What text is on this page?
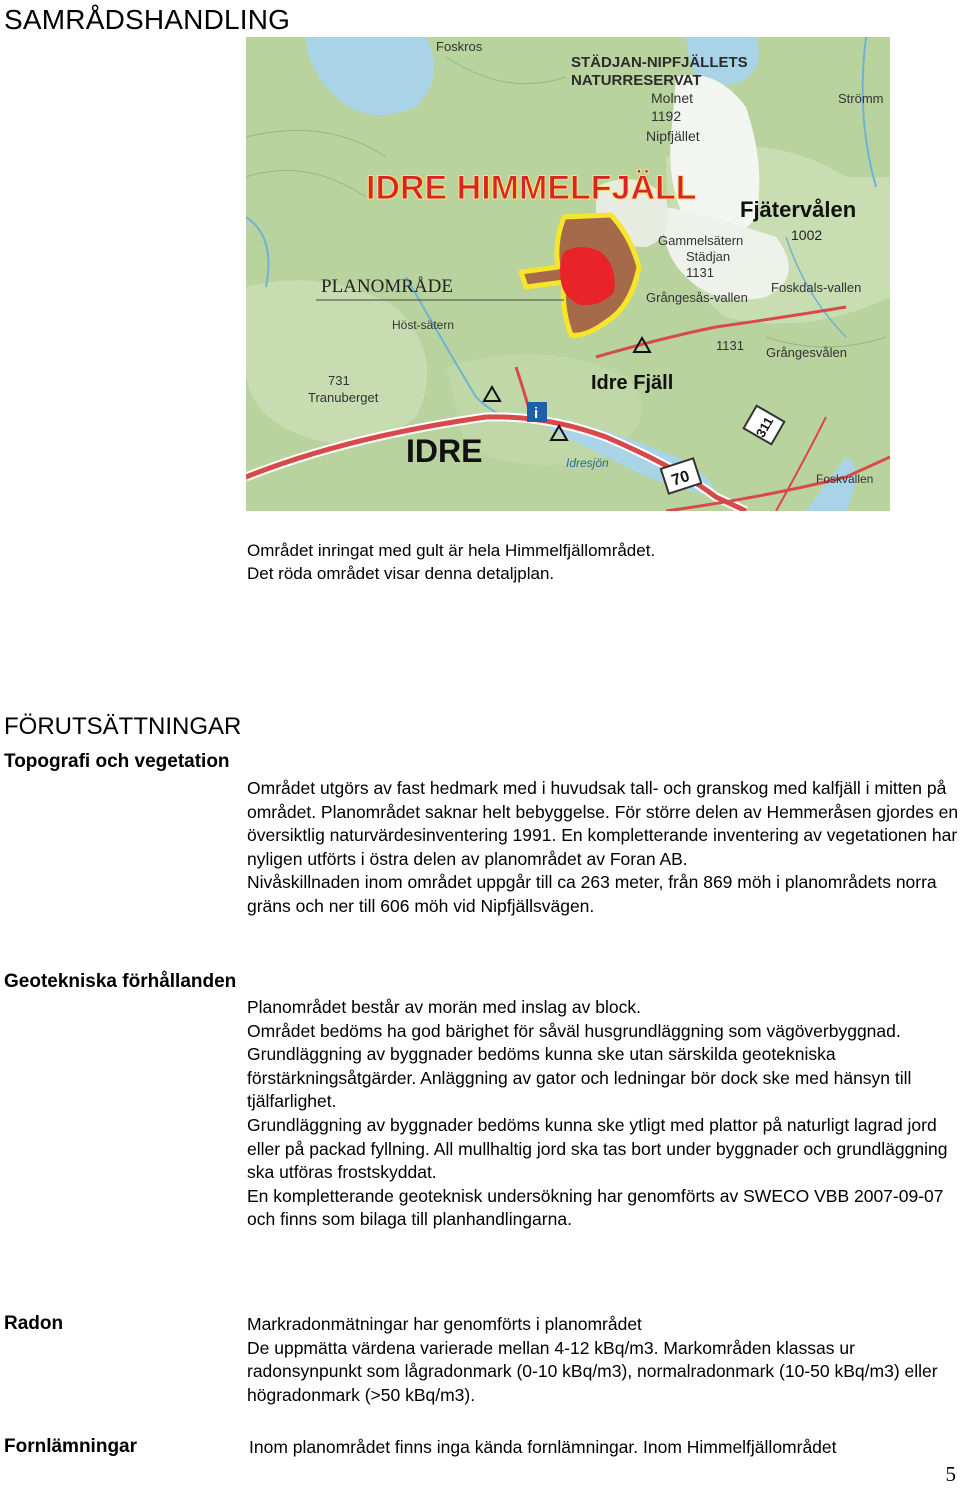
SAMRÅDSHANDLING
STÄDJAN-NIPFJÄLLETS
NATURRESERVAT
IDRE HIMMELFJÄLL
PLANOMRÅDE
Fjätervålen
1002
Idre Fjäll
IDRE
Molnet
1192
Nipfjället
Foskros
Strömm
Gammelsätern
Städjan
1131
Grångesås-vallen
Foskdals-vallen
Grångesvålen
1131
Tranuberget
731
Höst-sätern
Idresjön
Foskvallen
70
311
i
Området inringat med gult är hela Himmelfjällområdet.
Det röda området visar denna detaljplan.
FÖRUTSÄTTNINGAR
Topografi och vegetation

Området utgörs av fast hedmark med i huvudsak tall- och granskog med kalfjäll i mitten på området. Planområdet saknar helt bebyggelse. För större delen av Hemmeråsen gjordes en översiktlig naturvärdesinventering 1991. En kompletterande inventering av vegetationen har nyligen utförts i östra delen av planområdet av Foran AB.

Nivåskillnaden inom området uppgår till ca 263 meter, från 869 möh i planområdets norra gräns och ner till 606 möh vid Nipfjällsvägen.

Geotekniska förhållanden

Planområdet består av morän med inslag av block.

Området bedöms ha god bärighet för såväl husgrundläggning som vägöverbyggnad. Grundläggning av byggnader bedöms kunna ske utan särskilda geotekniska förstärkningsåtgärder. Anläggning av gator och ledningar bör dock ske med hänsyn till tjälfarlighet.

Grundläggning av byggnader bedöms kunna ske ytligt med plattor på naturligt lagrad jord eller på packad fyllning. All mullhaltig jord ska tas bort under byggnader och grundläggning ska utföras frostskyddat.

En kompletterande geoteknisk undersökning har genomförts av SWECO VBB 2007-09-07 och finns som bilaga till planhandlingarna.

Radon	Markradonmätningar har genomförts i planområdet

De uppmätta värdena varierade mellan 4-12 kBq/m3. Markområden klassas ur radonsynpunkt som lågradonmark (0-10 kBq/m3), normalradonmark (10-50 kBq/m3) eller högradonmark (>50 kBq/m3).

Fornlämningar	Inom planområdet finns inga kända fornlämningar. Inom Himmelfjällområdet

5
